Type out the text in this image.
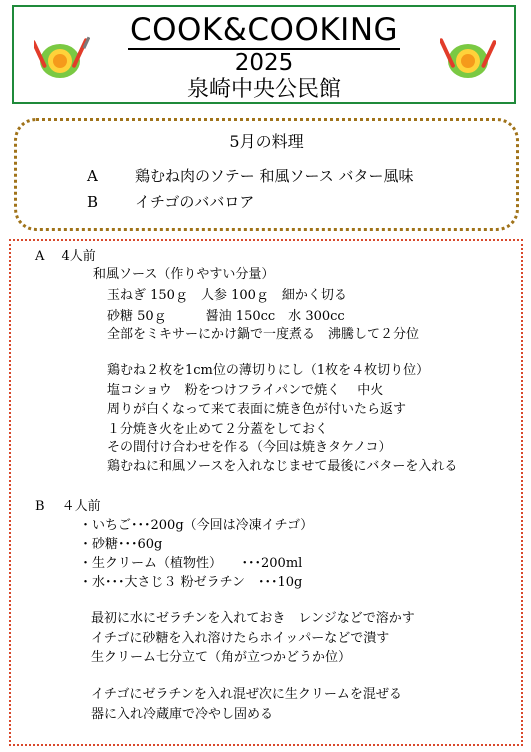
COOK&COOKING
2025
泉崎中央公民館
5月の料理
A 鶏むね肉のソテー 和風ソース バター風味
B イチゴのババロア
A　 4人前
和風ソース（作りやすい分量）
玉ねぎ 150ｇ　人参 100ｇ　細かく切る
砂糖 50ｇ　　　醤油 150cc　水 300cc
全部をミキサーにかけ鍋で一度煮る　沸騰して２分位
鶏むね２枚を1cm位の薄切りにし（1枚を４枚切り位）
塩コショウ　粉をつけフライパンで焼く　 中火
周りが白くなって来て表面に焼き色が付いたら返す
１分焼き火を止めて２分蓋をしておく
その間付け合わせを作る（今回は焼きタケノコ）
鶏むねに和風ソースを入れなじませて最後にバターを入れる
B　 ４人前
・いちご･･･200g（今回は冷凍イチゴ）
・砂糖･･･60g
・生クリーム（植物性）　　･･･200ml
・水･･･大さじ３ 粉ゼラチン　･･･10g
最初に水にゼラチンを入れておき　レンジなどで溶かす
イチゴに砂糖を入れ溶けたらホイッパーなどで潰す
生クリーム七分立て（角が立つかどうか位）
イチゴにゼラチンを入れ混ぜ次に生クリームを混ぜる
器に入れ冷蔵庫で冷やし固める
